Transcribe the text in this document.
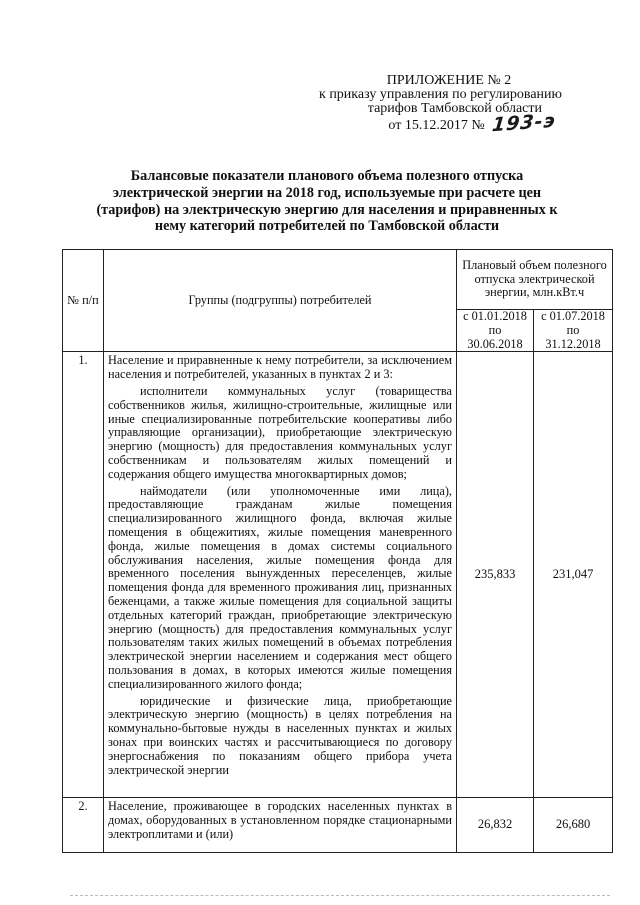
ПРИЛОЖЕНИЕ № 2
к приказу управления по регулированию
тарифов Тамбовской области
от 15.12.2017 № 193-э
Балансовые показатели планового объема полезного отпуска электрической энергии на 2018 год, используемые при расчете цен (тарифов) на электрическую энергию для населения и приравненных к нему категорий потребителей по Тамбовской области
№ п/п	Группы (подгруппы) потребителей	Плановый объем полезного отпуска электрической энергии, млн.кВт.ч	
		с 01.01.2018 по 30.06.2018	с 01.07.2018 по 31.12.2018
1.	Население и приравненные к нему потребители, за исключением населения и потребителей, указанных в пунктах 2 и 3:
исполнители коммунальных услуг (товарищества собственников жилья, жилищно-строительные, жилищные или иные специализированные потребительские кооперативы либо управляющие организации), приобретающие электрическую энергию (мощность) для предоставления коммунальных услуг собственникам и пользователям жилых помещений и содержания общего имущества многоквартирных домов;
наймодатели (или уполномоченные ими лица), предоставляющие гражданам жилые помещения специализированного жилищного фонда, включая жилые помещения в общежитиях, жилые помещения маневренного фонда, жилые помещения в домах системы социального обслуживания населения, жилые помещения фонда для временного поселения вынужденных переселенцев, жилые помещения фонда для временного проживания лиц, признанных беженцами, а также жилые помещения для социальной защиты отдельных категорий граждан, приобретающие электрическую энергию (мощность) для предоставления коммунальных услуг пользователям таких жилых помещений в объемах потребления электрической энергии населением и содержания мест общего пользования в домах, в которых имеются жилые помещения специализированного жилого фонда;
юридические и физические лица, приобретающие электрическую энергию (мощность) в целях потребления на коммунально-бытовые нужды в населенных пунктах и жилых зонах при воинских частях и рассчитывающиеся по договору энергоснабжения по показаниям общего прибора учета электрической энергии	235,833	231,047
2.	Население, проживающее в городских населенных пунктах в домах, оборудованных в установленном порядке стационарными электроплитами и (или)	26,832	26,680
